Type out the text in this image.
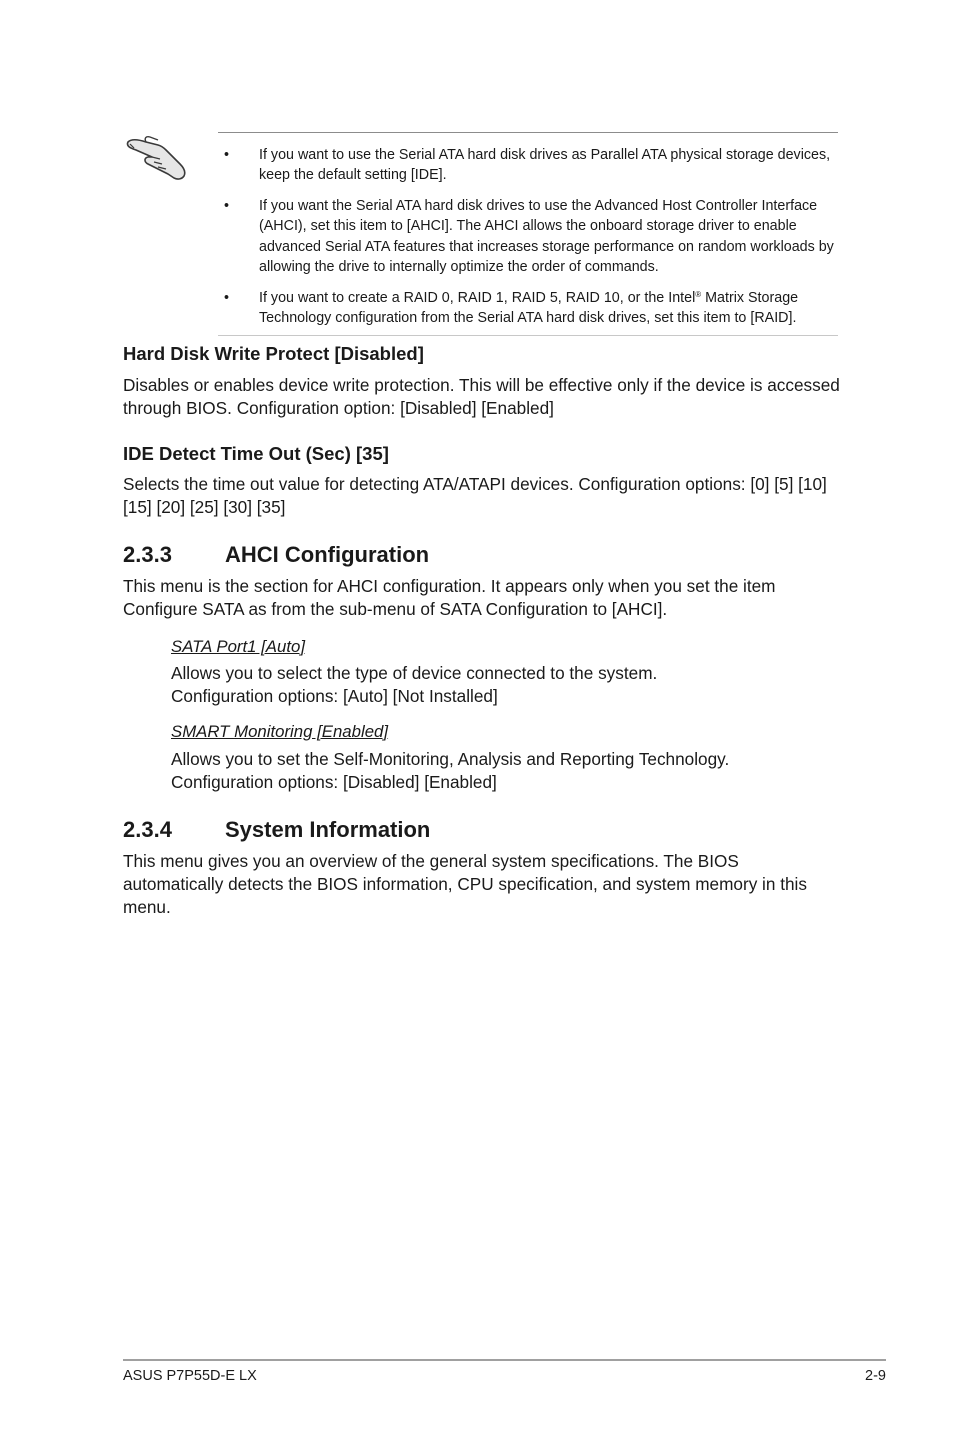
• If you want to use the Serial ATA hard disk drives as Parallel ATA physical storage devices, keep the default setting [IDE].
• If you want the Serial ATA hard disk drives to use the Advanced Host Controller Interface (AHCI), set this item to [AHCI]. The AHCI allows the onboard storage driver to enable advanced Serial ATA features that increases storage performance on random workloads by allowing the drive to internally optimize the order of commands.
• If you want to create a RAID 0, RAID 1, RAID 5, RAID 10, or the Intel® Matrix Storage Technology configuration from the Serial ATA hard disk drives, set this item to [RAID].
Hard Disk Write Protect [Disabled]
Disables or enables device write protection. This will be effective only if the device is accessed through BIOS. Configuration option: [Disabled] [Enabled]
IDE Detect Time Out (Sec) [35]
Selects the time out value for detecting ATA/ATAPI devices. Configuration options: [0] [5] [10] [15] [20] [25] [30] [35]
2.3.3 AHCI Configuration
This menu is the section for AHCI configuration. It appears only when you set the item Configure SATA as from the sub-menu of SATA Configuration to [AHCI].
SATA Port1 [Auto]
Allows you to select the type of device connected to the system.
Configuration options: [Auto] [Not Installed]
SMART Monitoring [Enabled]
Allows you to set the Self-Monitoring, Analysis and Reporting Technology.
Configuration options: [Disabled] [Enabled]
2.3.4 System Information
This menu gives you an overview of the general system specifications. The BIOS automatically detects the BIOS information, CPU specification, and system memory in this menu.
ASUS P7P55D-E LX	2-9
